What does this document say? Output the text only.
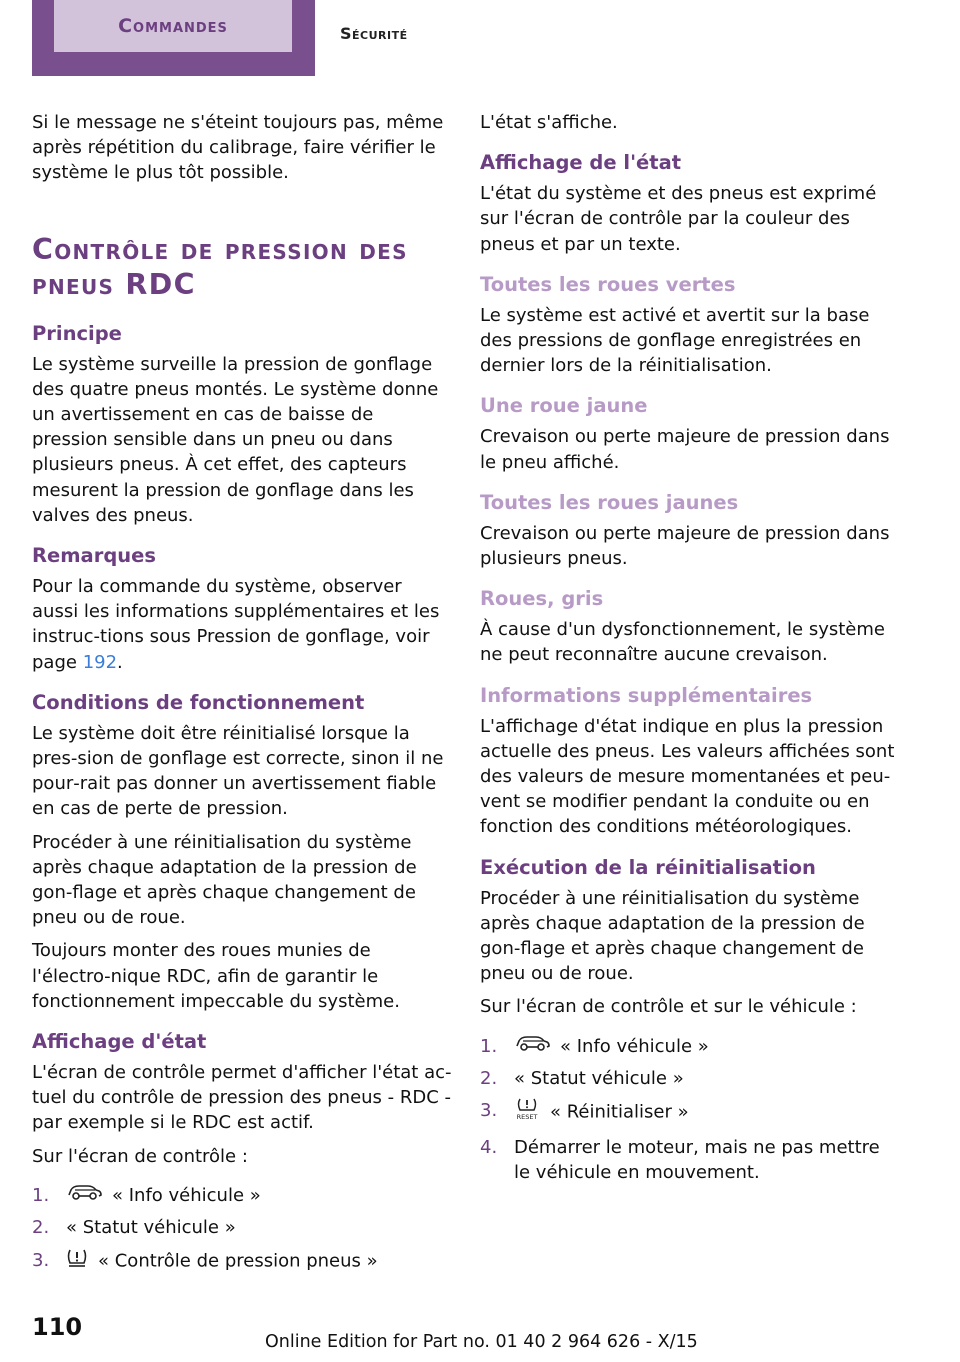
Commandes	Sécurité

Si le message ne s'éteint toujours pas, même après répétition du calibrage, faire vérifier le système le plus tôt possible.

Contrôle de pression des pneus RDC
Principe

Le système surveille la pression de gonflage des quatre pneus montés. Le système donne un avertissement en cas de baisse de pression sensible dans un pneu ou dans plusieurs pneus. À cet effet, des capteurs mesurent la pression de gonflage dans les valves des pneus.

Remarques

Pour la commande du système, observer aussi les informations supplémentaires et les instruc‐tions sous Pression de gonflage, voir page 192.

Conditions de fonctionnement

Le système doit être réinitialisé lorsque la pres‐sion de gonflage est correcte, sinon il ne pour‐rait pas donner un avertissement fiable en cas de perte de pression.

Procéder à une réinitialisation du système après chaque adaptation de la pression de gon‐flage et après chaque changement de pneu ou de roue.

Toujours monter des roues munies de l'électro‐nique RDC, afin de garantir le fonctionnement impeccable du système.

Affichage d'état

L'écran de contrôle permet d'afficher l'état ac‐tuel du contrôle de pression des pneus - RDC - par exemple si le RDC est actif.

Sur l'écran de contrôle :

1.	« Info véhicule »
2. « Statut véhicule »
3.	« Contrôle de pression pneus »

L'état s'affiche.

Affichage de l'état

L'état du système et des pneus est exprimé sur l'écran de contrôle par la couleur des pneus et par un texte.

Toutes les roues vertes

Le système est activé et avertit sur la base des pressions de gonflage enregistrées en dernier lors de la réinitialisation.

Une roue jaune

Crevaison ou perte majeure de pression dans le pneu affiché.

Toutes les roues jaunes

Crevaison ou perte majeure de pression dans plusieurs pneus.

Roues, gris

À cause d'un dysfonctionnement, le système ne peut reconnaître aucune crevaison.

Informations supplémentaires

L'affichage d'état indique en plus la pression actuelle des pneus. Les valeurs affichées sont des valeurs de mesure momentanées et peu‐vent se modifier pendant la conduite ou en fonction des conditions météorologiques.

Exécution de la réinitialisation

Procéder à une réinitialisation du système après chaque adaptation de la pression de gon‐flage et après chaque changement de pneu ou de roue.

Sur l'écran de contrôle et sur le véhicule :

1.	« Info véhicule »
2. « Statut véhicule »
3.	RESET « Réinitialiser »
4. Démarrer le moteur, mais ne pas mettre le véhicule en mouvement.
110
Online Edition for Part no. 01 40 2 964 626 - X/15
